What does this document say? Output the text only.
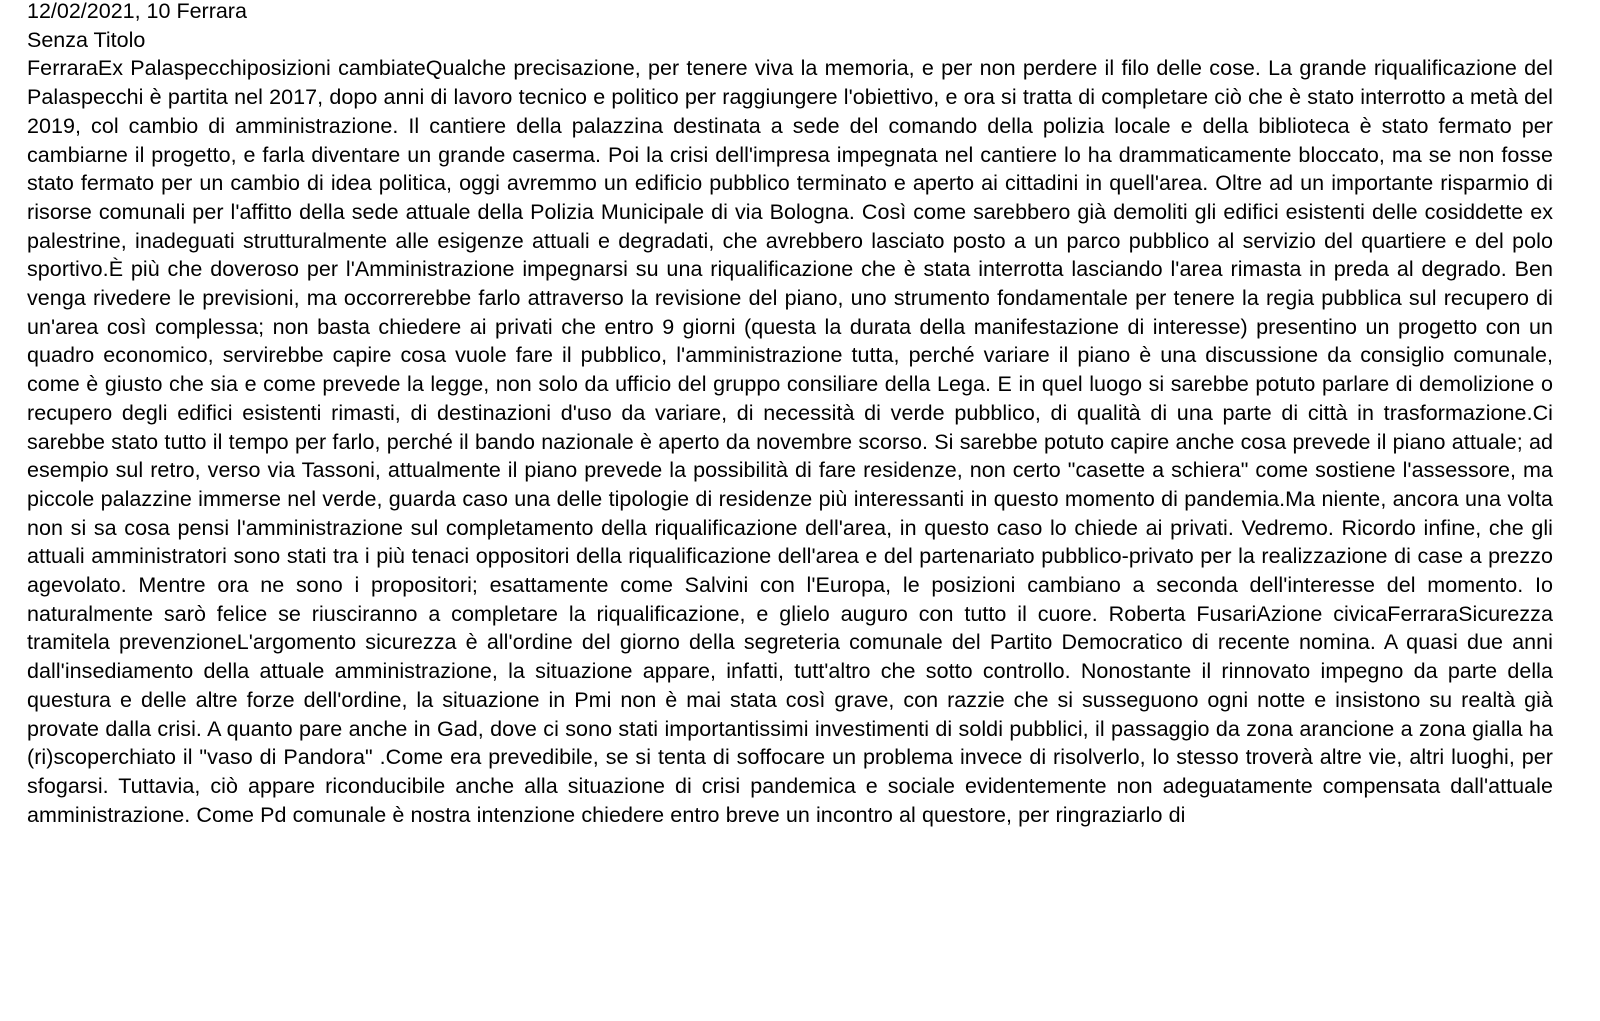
12/02/2021, 10 Ferrara
Senza Titolo

FerraraEx Palaspecchiposizioni cambiateQualche precisazione, per tenere viva la memoria, e per non perdere il filo delle cose. La grande riqualificazione del Palaspecchi è partita nel 2017, dopo anni di lavoro tecnico e politico per raggiungere l'obiettivo, e ora si tratta di completare ciò che è stato interrotto a metà del 2019, col cambio di amministrazione. Il cantiere della palazzina destinata a sede del comando della polizia locale e della biblioteca è stato fermato per cambiarne il progetto, e farla diventare un grande caserma. Poi la crisi dell'impresa impegnata nel cantiere lo ha drammaticamente bloccato, ma se non fosse stato fermato per un cambio di idea politica, oggi avremmo un edificio pubblico terminato e aperto ai cittadini in quell'area. Oltre ad un importante risparmio di risorse comunali per l'affitto della sede attuale della Polizia Municipale di via Bologna. Così come sarebbero già demoliti gli edifici esistenti delle cosiddette ex palestrine, inadeguati strutturalmente alle esigenze attuali e degradati, che avrebbero lasciato posto a un parco pubblico al servizio del quartiere e del polo sportivo.È più che doveroso per l'Amministrazione impegnarsi su una riqualificazione che è stata interrotta lasciando l'area rimasta in preda al degrado. Ben venga rivedere le previsioni, ma occorrerebbe farlo attraverso la revisione del piano, uno strumento fondamentale per tenere la regia pubblica sul recupero di un'area così complessa; non basta chiedere ai privati che entro 9 giorni (questa la durata della manifestazione di interesse) presentino un progetto con un quadro economico, servirebbe capire cosa vuole fare il pubblico, l'amministrazione tutta, perché variare il piano è una discussione da consiglio comunale, come è giusto che sia e come prevede la legge, non solo da ufficio del gruppo consiliare della Lega. E in quel luogo si sarebbe potuto parlare di demolizione o recupero degli edifici esistenti rimasti, di destinazioni d'uso da variare, di necessità di verde pubblico, di qualità di una parte di città in trasformazione.Ci sarebbe stato tutto il tempo per farlo, perché il bando nazionale è aperto da novembre scorso. Si sarebbe potuto capire anche cosa prevede il piano attuale; ad esempio sul retro, verso via Tassoni, attualmente il piano prevede la possibilità di fare residenze, non certo "casette a schiera" come sostiene l'assessore, ma piccole palazzine immerse nel verde, guarda caso una delle tipologie di residenze più interessanti in questo momento di pandemia.Ma niente, ancora una volta non si sa cosa pensi l'amministrazione sul completamento della riqualificazione dell'area, in questo caso lo chiede ai privati. Vedremo. Ricordo infine, che gli attuali amministratori sono stati tra i più tenaci oppositori della riqualificazione dell'area e del partenariato pubblico-privato per la realizzazione di case a prezzo agevolato. Mentre ora ne sono i propositori; esattamente come Salvini con l'Europa, le posizioni cambiano a seconda dell'interesse del momento. Io naturalmente sarò felice se riusciranno a completare la riqualificazione, e glielo auguro con tutto il cuore. Roberta FusariAzione civicaFerraraSicurezza tramitela prevenzioneL'argomento sicurezza è all'ordine del giorno della segreteria comunale del Partito Democratico di recente nomina. A quasi due anni dall'insediamento della attuale amministrazione, la situazione appare, infatti, tutt'altro che sotto controllo. Nonostante il rinnovato impegno da parte della questura e delle altre forze dell'ordine, la situazione in Pmi non è mai stata così grave, con razzie che si susseguono ogni notte e insistono su realtà già provate dalla crisi. A quanto pare anche in Gad, dove ci sono stati importantissimi investimenti di soldi pubblici, il passaggio da zona arancione a zona gialla ha (ri)scoperchiato il "vaso di Pandora" .Come era prevedibile, se si tenta di soffocare un problema invece di risolverlo, lo stesso troverà altre vie, altri luoghi, per sfogarsi. Tuttavia, ciò appare riconducibile anche alla situazione di crisi pandemica e sociale evidentemente non adeguatamente compensata dall'attuale amministrazione. Come Pd comunale è nostra intenzione chiedere entro breve un incontro al questore, per ringraziarlo di
